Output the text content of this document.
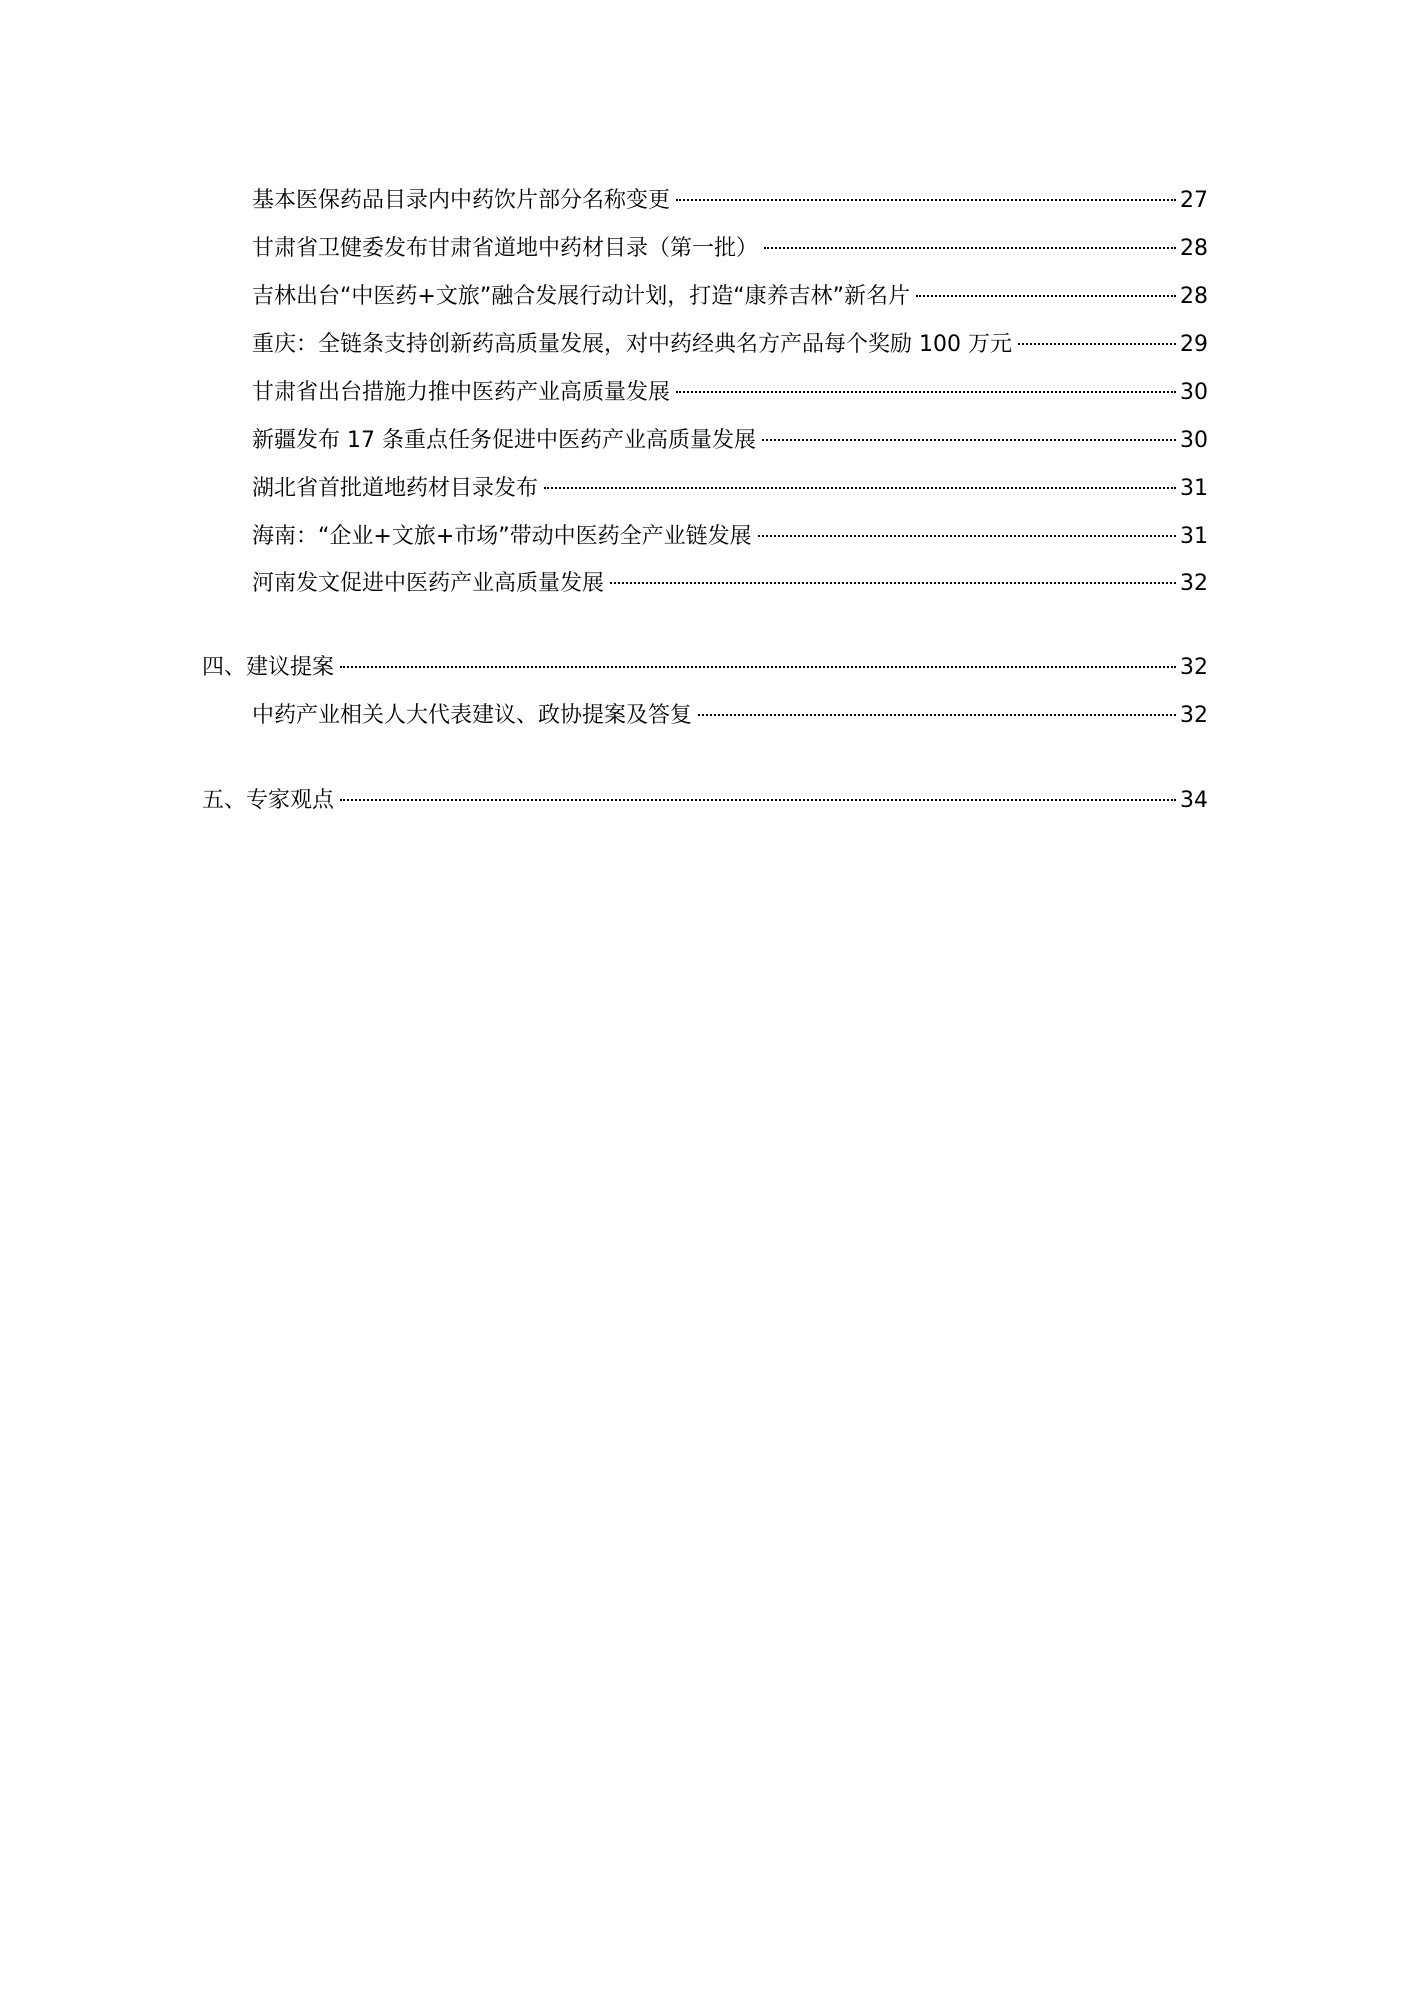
基本医保药品目录内中药饮片部分名称变更	27
甘肃省卫健委发布甘肃省道地中药材目录（第一批）	28
吉林出台“中医药+文旅”融合发展行动计划，打造“康养吉林”新名片	28
重庆：全链条支持创新药高质量发展，对中药经典名方产品每个奖励 100 万元	29
甘肃省出台措施力推中医药产业高质量发展	30
新疆发布 17 条重点任务促进中医药产业高质量发展	30
湖北省首批道地药材目录发布	31
海南：“企业+文旅+市场”带动中医药全产业链发展	31
河南发文促进中医药产业高质量发展	32
四、建议提案	32
中药产业相关人大代表建议、政协提案及答复	32
五、专家观点	34
